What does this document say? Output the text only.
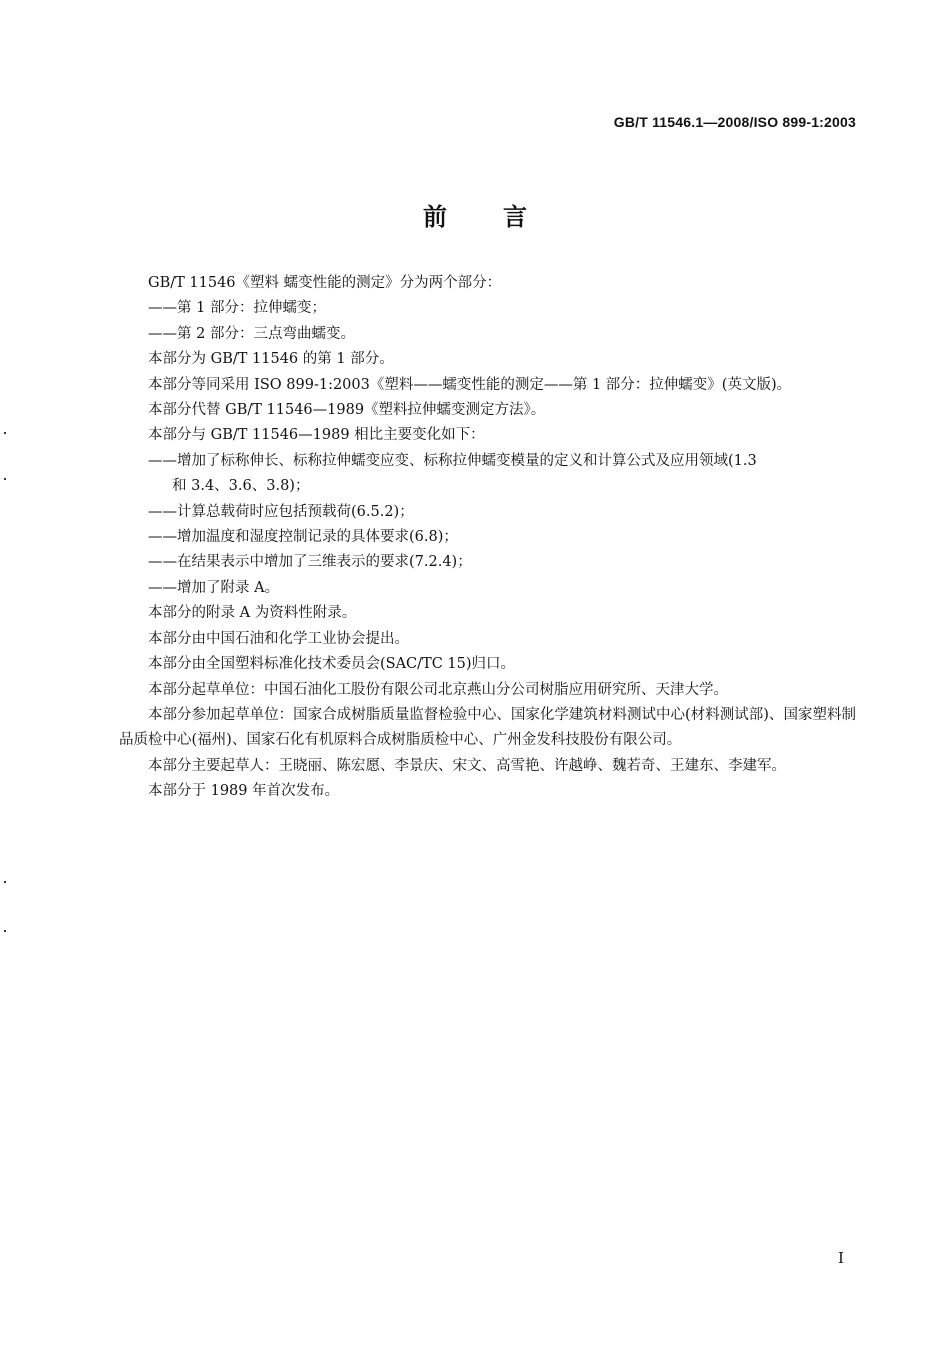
GB/T 11546.1—2008/ISO 899-1:2003
前 言
GB/T 11546《塑料 蠕变性能的测定》分为两个部分：
——第 1 部分：拉伸蠕变；
——第 2 部分：三点弯曲蠕变。
本部分为 GB/T 11546 的第 1 部分。
本部分等同采用 ISO 899-1:2003《塑料——蠕变性能的测定——第 1 部分：拉伸蠕变》(英文版)。
本部分代替 GB/T 11546—1989《塑料拉伸蠕变测定方法》。
本部分与 GB/T 11546—1989 相比主要变化如下：
——增加了标称伸长、标称拉伸蠕变应变、标称拉伸蠕变模量的定义和计算公式及应用领域(1.3
和 3.4、3.6、3.8)；
——计算总载荷时应包括预载荷(6.5.2)；
——增加温度和湿度控制记录的具体要求(6.8)；
——在结果表示中增加了三维表示的要求(7.2.4)；
——增加了附录 A。
本部分的附录 A 为资料性附录。
本部分由中国石油和化学工业协会提出。
本部分由全国塑料标准化技术委员会(SAC/TC 15)归口。
本部分起草单位：中国石油化工股份有限公司北京燕山分公司树脂应用研究所、天津大学。
本部分参加起草单位：国家合成树脂质量监督检验中心、国家化学建筑材料测试中心(材料测试部)、国家塑料制品质检中心(福州)、国家石化有机原料合成树脂质检中心、广州金发科技股份有限公司。
本部分主要起草人：王晓丽、陈宏愿、李景庆、宋文、高雪艳、许越峥、魏若奇、王建东、李建军。
本部分于 1989 年首次发布。
I
